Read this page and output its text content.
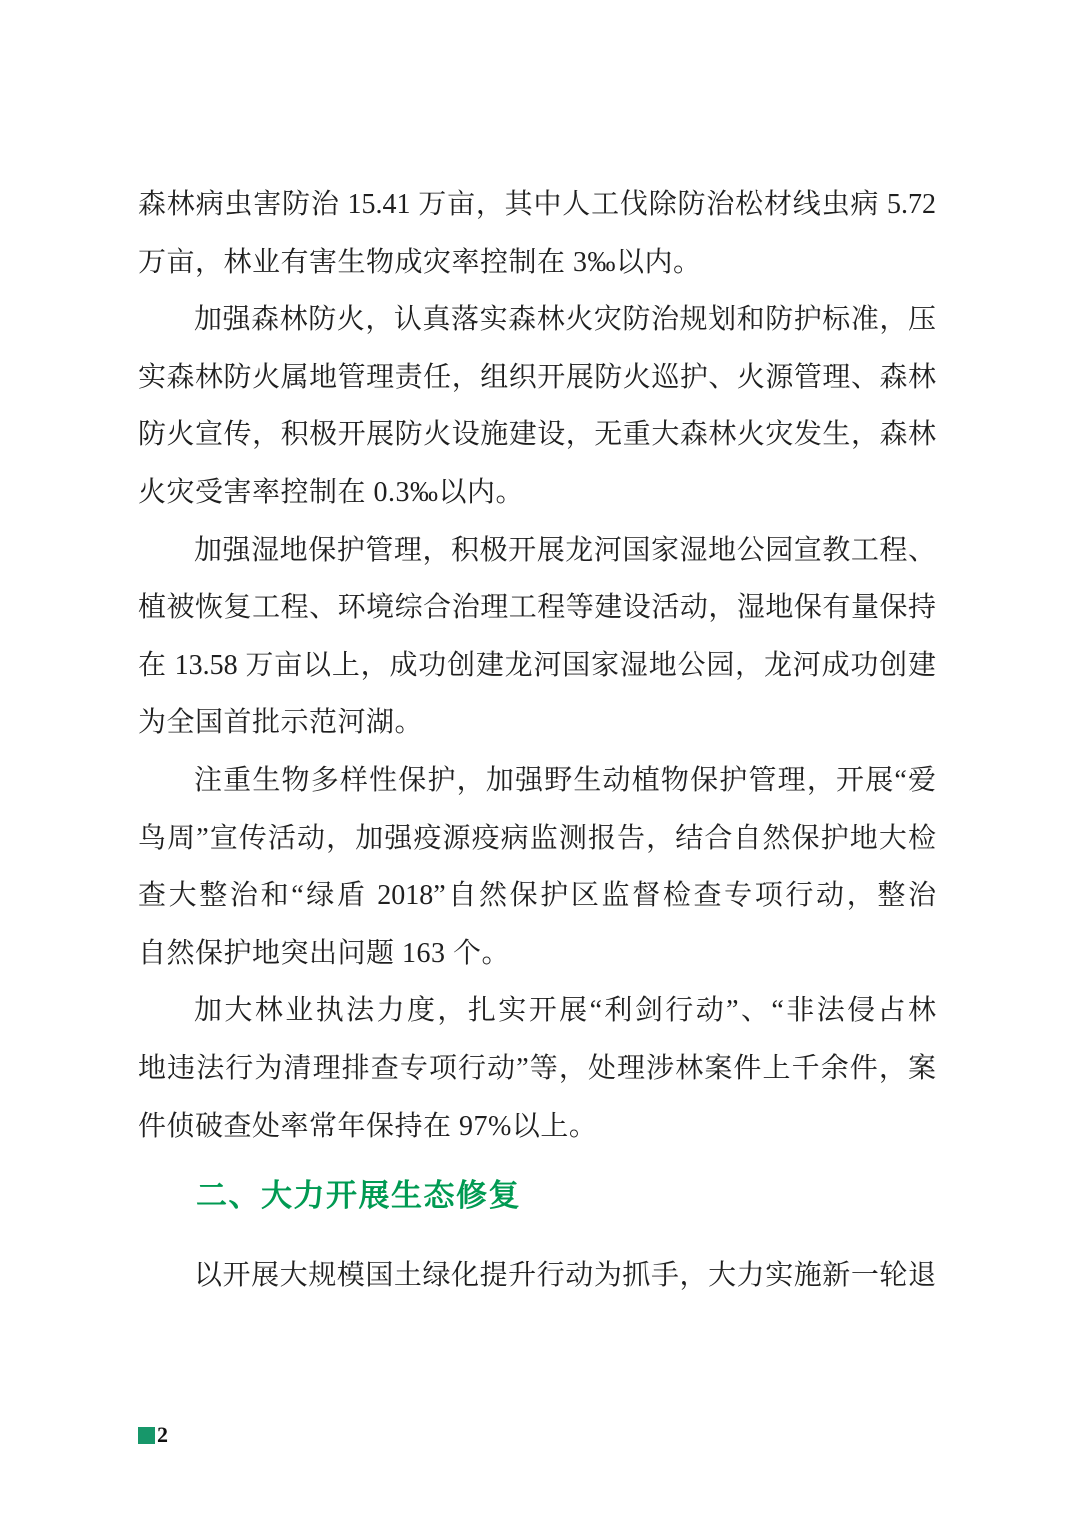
森林病虫害防治 15.41 万亩，其中人工伐除防治松材线虫病 5.72
万亩，林业有害生物成灾率控制在 3‰以内。
加强森林防火，认真落实森林火灾防治规划和防护标准，压
实森林防火属地管理责任，组织开展防火巡护、火源管理、森林
防火宣传，积极开展防火设施建设，无重大森林火灾发生，森林
火灾受害率控制在 0.3‰以内。
加强湿地保护管理，积极开展龙河国家湿地公园宣教工程、
植被恢复工程、环境综合治理工程等建设活动，湿地保有量保持
在 13.58 万亩以上，成功创建龙河国家湿地公园，龙河成功创建
为全国首批示范河湖。
注重生物多样性保护，加强野生动植物保护管理，开展“爱
鸟周”宣传活动，加强疫源疫病监测报告，结合自然保护地大检
查大整治和“绿盾 2018”自然保护区监督检查专项行动，整治
自然保护地突出问题 163 个。
加大林业执法力度，扎实开展“利剑行动”、“非法侵占林
地违法行为清理排查专项行动”等，处理涉林案件上千余件，案
件侦破查处率常年保持在 97%以上。
二、大力开展生态修复
以开展大规模国土绿化提升行动为抓手，大力实施新一轮退
2
